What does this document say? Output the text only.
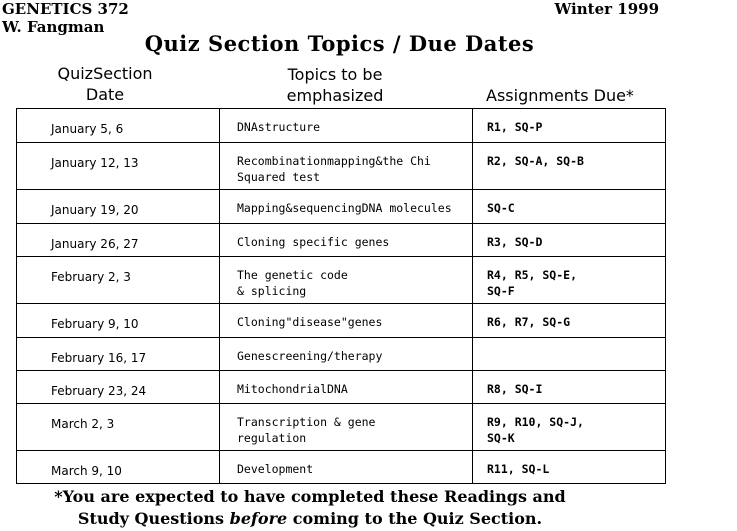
GENETICS 372
W. Fangman
Winter 1999
Quiz Section Topics / Due Dates
QuizSection
Date
Topics to be
emphasized	Assignments Due*
January 5, 6	DNAstructure	R1, SQ-P

January 12, 13	Recombinationmapping&the Chi
Squared test	R2, SQ-A, SQ-B

January 19, 20	Mapping&sequencingDNA molecules	SQ-C

January 26, 27	Cloning specific genes	R3, SQ-D

February 2, 3	The genetic code
& splicing	R4, R5, SQ-E,
SQ-F

February 9, 10	Cloning"disease"genes	R6, R7, SQ-G

February 16, 17	Genescreening/therapy	

February 23, 24	MitochondrialDNA	R8, SQ-I

March 2, 3	Transcription & gene
regulation	R9, R10, SQ-J,
SQ-K

March 9, 10	Development	R11, SQ-L
*You are expected to have completed these Readings and
Study Questions before coming to the Quiz Section.
